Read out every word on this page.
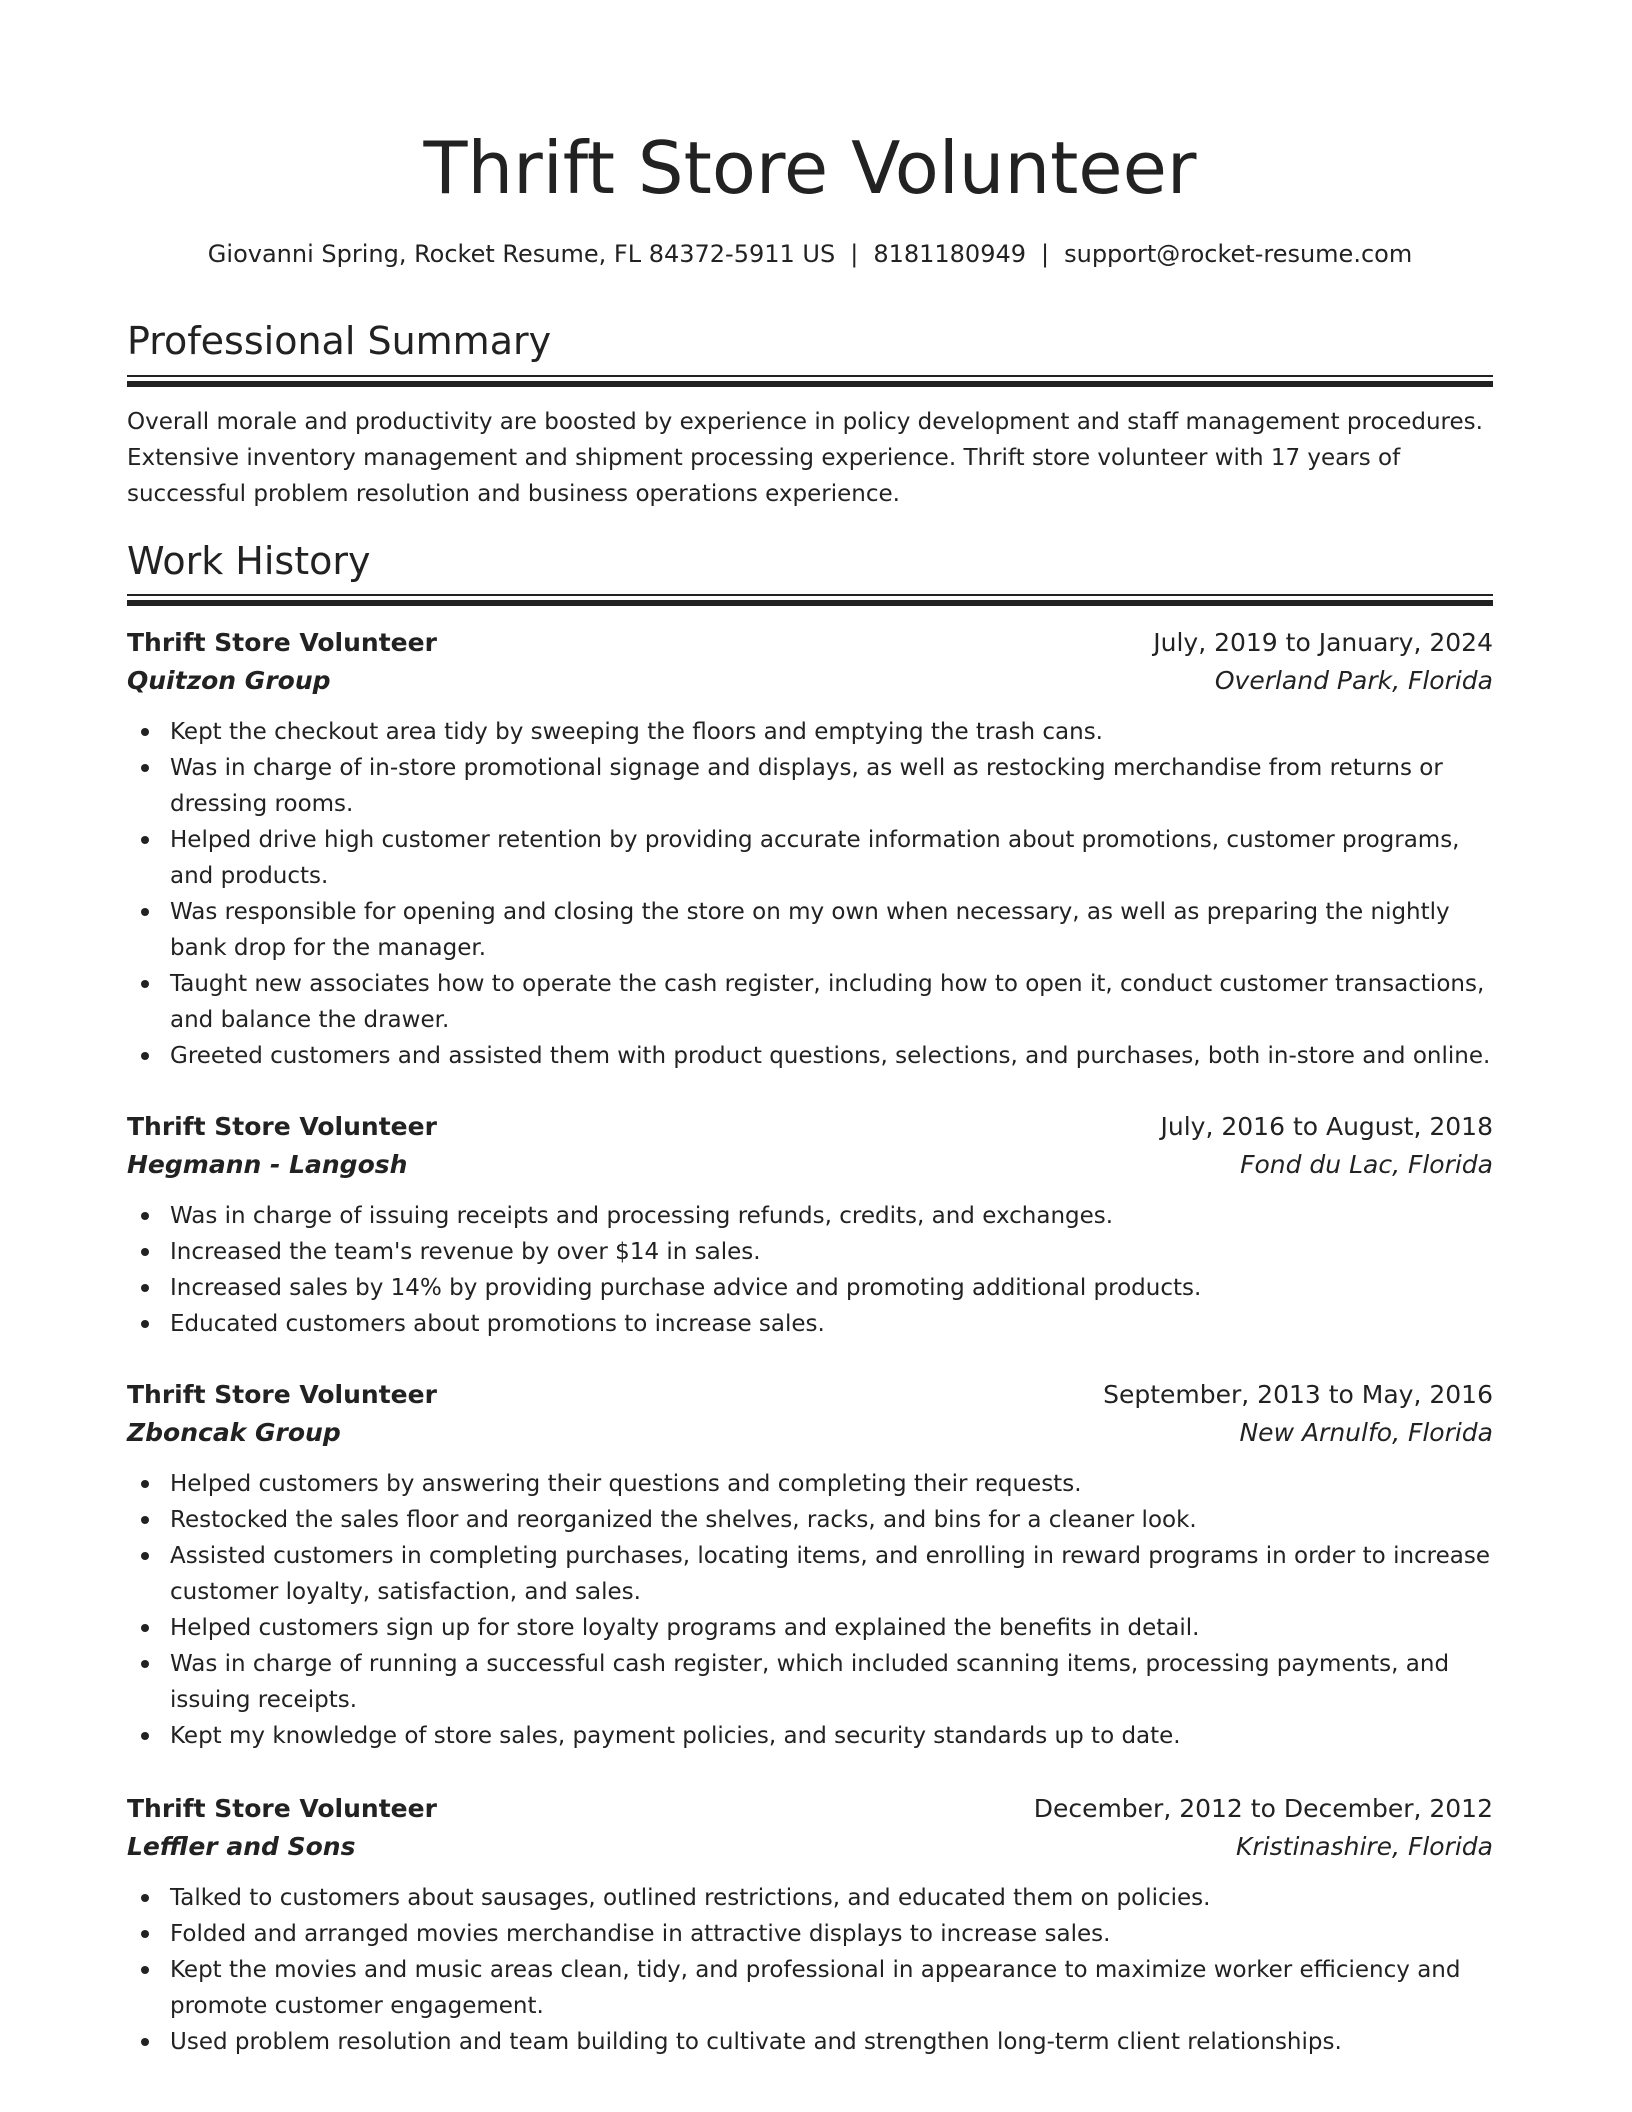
Thrift Store Volunteer
Giovanni Spring, Rocket Resume, FL 84372-5911 US | 8181180949 | support@rocket-resume.com
Professional Summary

Overall morale and productivity are boosted by experience in policy development and staff management procedures. Extensive inventory management and shipment processing experience. Thrift store volunteer with 17 years of successful problem resolution and business operations experience.

Work History
Thrift Store Volunteer	July, 2019 to January, 2024
Quitzon Group	Overland Park, Florida
Kept the checkout area tidy by sweeping the floors and emptying the trash cans.
Was in charge of in-store promotional signage and displays, as well as restocking merchandise from returns or dressing rooms.
Helped drive high customer retention by providing accurate information about promotions, customer programs, and products.
Was responsible for opening and closing the store on my own when necessary, as well as preparing the nightly bank drop for the manager.
Taught new associates how to operate the cash register, including how to open it, conduct customer transactions, and balance the drawer.
Greeted customers and assisted them with product questions, selections, and purchases, both in-store and online.
Thrift Store Volunteer	July, 2016 to August, 2018
Hegmann - Langosh	Fond du Lac, Florida
Was in charge of issuing receipts and processing refunds, credits, and exchanges.
Increased the team's revenue by over $14 in sales.
Increased sales by 14% by providing purchase advice and promoting additional products.
Educated customers about promotions to increase sales.
Thrift Store Volunteer	September, 2013 to May, 2016
Zboncak Group	New Arnulfo, Florida
Helped customers by answering their questions and completing their requests.
Restocked the sales floor and reorganized the shelves, racks, and bins for a cleaner look.
Assisted customers in completing purchases, locating items, and enrolling in reward programs in order to increase customer loyalty, satisfaction, and sales.
Helped customers sign up for store loyalty programs and explained the benefits in detail.
Was in charge of running a successful cash register, which included scanning items, processing payments, and issuing receipts.
Kept my knowledge of store sales, payment policies, and security standards up to date.
Thrift Store Volunteer	December, 2012 to December, 2012
Leffler and Sons	Kristinashire, Florida
Talked to customers about sausages, outlined restrictions, and educated them on policies.
Folded and arranged movies merchandise in attractive displays to increase sales.
Kept the movies and music areas clean, tidy, and professional in appearance to maximize worker efficiency and promote customer engagement.
Used problem resolution and team building to cultivate and strengthen long-term client relationships.
